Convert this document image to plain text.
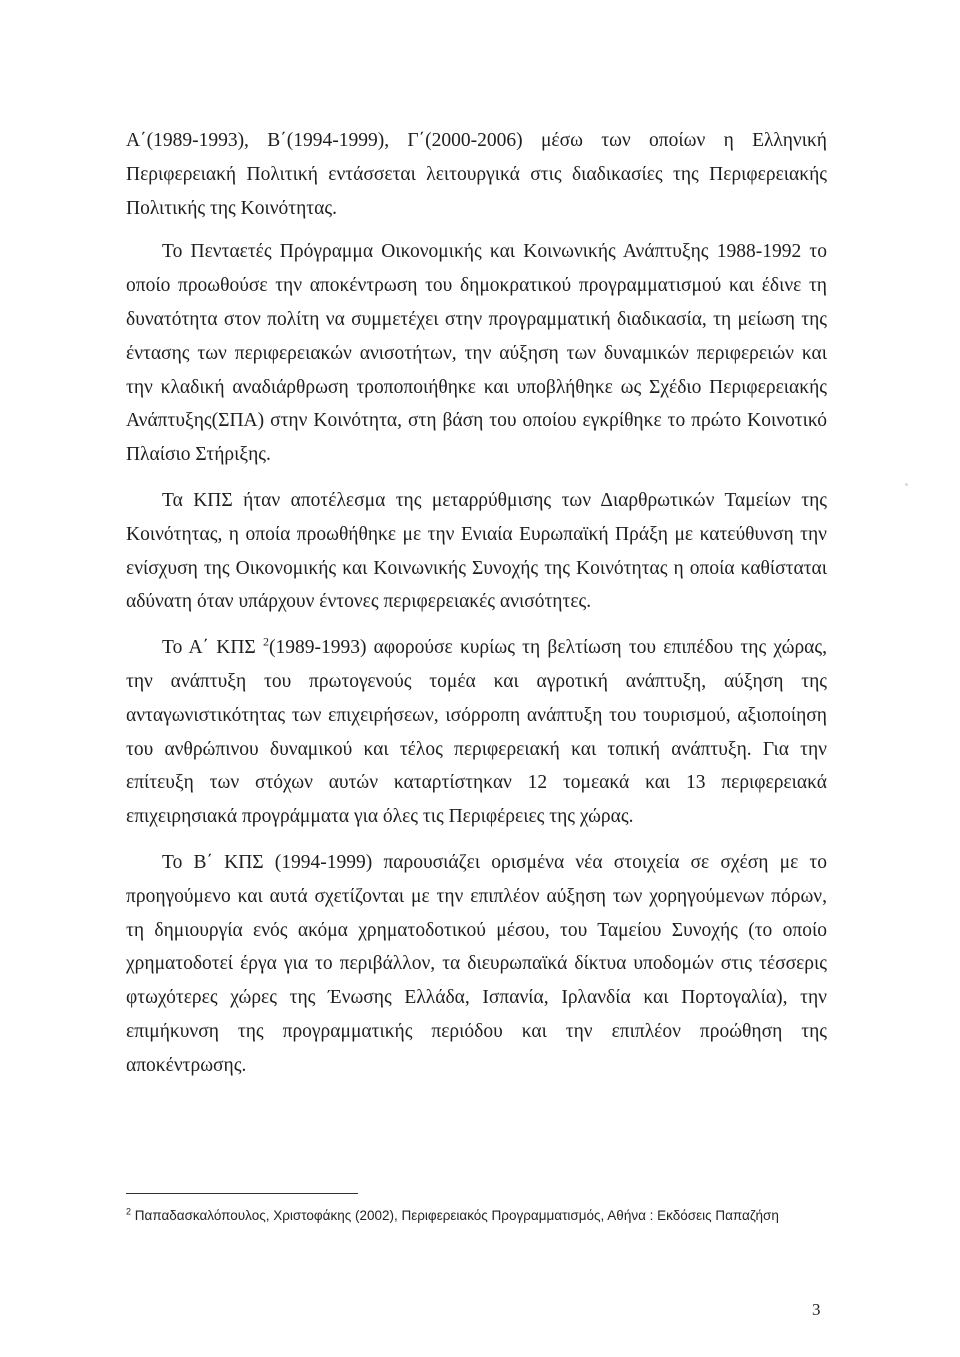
Α΄(1989-1993), Β΄(1994-1999), Γ΄(2000-2006) μέσω των οποίων η Ελληνική Περιφερειακή Πολιτική εντάσσεται λειτουργικά στις διαδικασίες της Περιφερειακής Πολιτικής της Κοινότητας.

Το Πενταετές Πρόγραμμα Οικονομικής και Κοινωνικής Ανάπτυξης 1988-1992 το οποίο προωθούσε την αποκέντρωση του δημοκρατικού προγραμματισμού και έδινε τη δυνατότητα στον πολίτη να συμμετέχει στην προγραμματική διαδικασία, τη μείωση της έντασης των περιφερειακών ανισοτήτων, την αύξηση των δυναμικών περιφερειών και την κλαδική αναδιάρθρωση τροποποιήθηκε και υποβλήθηκε ως Σχέδιο Περιφερειακής Ανάπτυξης(ΣΠΑ) στην Κοινότητα, στη βάση του οποίου εγκρίθηκε το πρώτο Κοινοτικό Πλαίσιο Στήριξης.

Τα ΚΠΣ ήταν αποτέλεσμα της μεταρρύθμισης των Διαρθρωτικών Ταμείων της Κοινότητας, η οποία προωθήθηκε με την Ενιαία Ευρωπαϊκή Πράξη με κατεύθυνση την ενίσχυση της Οικονομικής και Κοινωνικής Συνοχής της Κοινότητας η οποία καθίσταται αδύνατη όταν υπάρχουν έντονες περιφερειακές ανισότητες.

Το Α΄ ΚΠΣ $^2$(1989-1993) αφορούσε κυρίως τη βελτίωση του επιπέδου της χώρας, την ανάπτυξη του πρωτογενούς τομέα και αγροτική ανάπτυξη, αύξηση της ανταγωνιστικότητας των επιχειρήσεων, ισόρροπη ανάπτυξη του τουρισμού, αξιοποίηση του ανθρώπινου δυναμικού και τέλος περιφερειακή και τοπική ανάπτυξη. Για την επίτευξη των στόχων αυτών καταρτίστηκαν 12 τομεακά και 13 περιφερειακά επιχειρησιακά προγράμματα για όλες τις Περιφέρειες της χώρας.

Το Β΄ ΚΠΣ (1994-1999) παρουσιάζει ορισμένα νέα στοιχεία σε σχέση με το προηγούμενο και αυτά σχετίζονται με την επιπλέον αύξηση των χορηγούμενων πόρων, τη δημιουργία ενός ακόμα χρηματοδοτικού μέσου, του Ταμείου Συνοχής (το οποίο χρηματοδοτεί έργα για το περιβάλλον, τα διευρωπαϊκά δίκτυα υποδομών στις τέσσερις φτωχότερες χώρες της Ένωσης Ελλάδα, Ισπανία, Ιρλανδία και Πορτογαλία), την επιμήκυνση της προγραμματικής περιόδου και την επιπλέον προώθηση της αποκέντρωσης.

$^2$ Παπαδασκαλόπουλος, Χριστοφάκης (2002), Περιφερειακός Προγραμματισμός, Αθήνα : Εκδόσεις Παπαζήση
3
